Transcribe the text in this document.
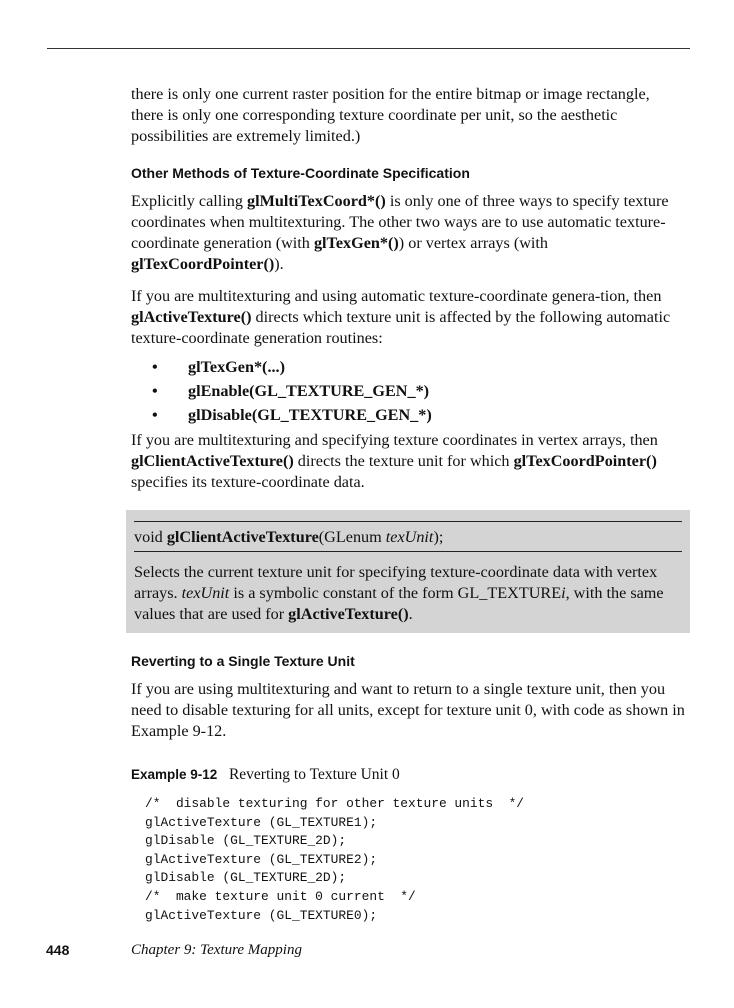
there is only one current raster position for the entire bitmap or image rectangle, there is only one corresponding texture coordinate per unit, so the aesthetic possibilities are extremely limited.)

Other Methods of Texture-Coordinate Specification

Explicitly calling glMultiTexCoord*() is only one of three ways to specify texture coordinates when multitexturing. The other two ways are to use automatic texture-coordinate generation (with glTexGen*()) or vertex arrays (with glTexCoordPointer()).

If you are multitexturing and using automatic texture-coordinate genera-tion, then glActiveTexture() directs which texture unit is affected by the following automatic texture-coordinate generation routines:

• glTexGen*(...)
• glEnable(GL_TEXTURE_GEN_*)
• glDisable(GL_TEXTURE_GEN_*)

If you are multitexturing and specifying texture coordinates in vertex arrays, then glClientActiveTexture() directs the texture unit for which glTexCoordPointer() specifies its texture-coordinate data.

void glClientActiveTexture(GLenum texUnit);

Selects the current texture unit for specifying texture-coordinate data with vertex arrays. texUnit is a symbolic constant of the form GL_TEXTUREi, with the same values that are used for glActiveTexture().

Reverting to a Single Texture Unit

If you are using multitexturing and want to return to a single texture unit, then you need to disable texturing for all units, except for texture unit 0, with code as shown in Example 9-12.

Example 9-12 Reverting to Texture Unit 0
/*  disable texturing for other texture units  */
glActiveTexture (GL_TEXTURE1);
glDisable (GL_TEXTURE_2D);
glActiveTexture (GL_TEXTURE2);
glDisable (GL_TEXTURE_2D);
/*  make texture unit 0 current  */
glActiveTexture (GL_TEXTURE0);
448	Chapter 9: Texture Mapping
